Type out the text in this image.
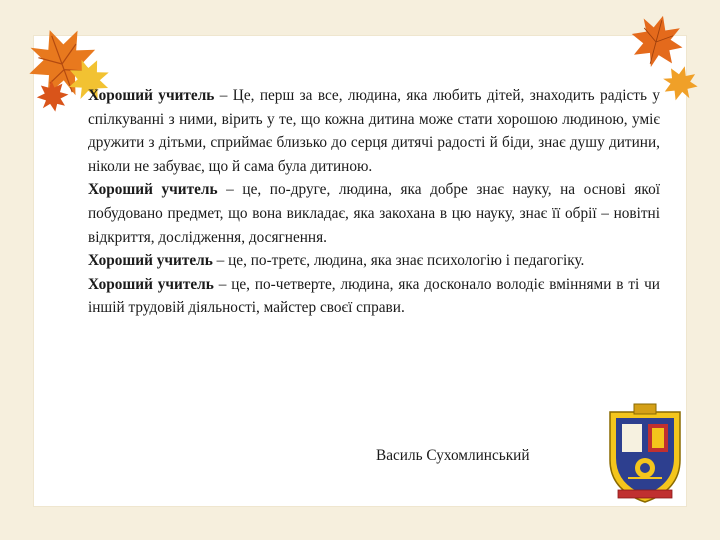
Хороший учитель – Це, перш за все, людина, яка любить дітей, знаходить радість у спілкуванні з ними, вірить у те, що кожна дитина може стати хорошою людиною, уміє дружити з дітьми, сприймає близько до серця дитячі радості й біди, знає душу дитини, ніколи не забуває, що й сама була дитиною.

Хороший учитель – це, по-друге, людина, яка добре знає науку, на основі якої побудовано предмет, що вона викладає, яка закохана в цю науку, знає її обрії – новітні відкриття, дослідження, досягнення.

Хороший учитель – це, по-третє, людина, яка знає психологію і педагогіку.

Хороший учитель – це, по-четверте, людина, яка досконало володіє вміннями в ті чи іншій трудовій діяльності, майстер своєї справи.

Василь Сухомлинський
